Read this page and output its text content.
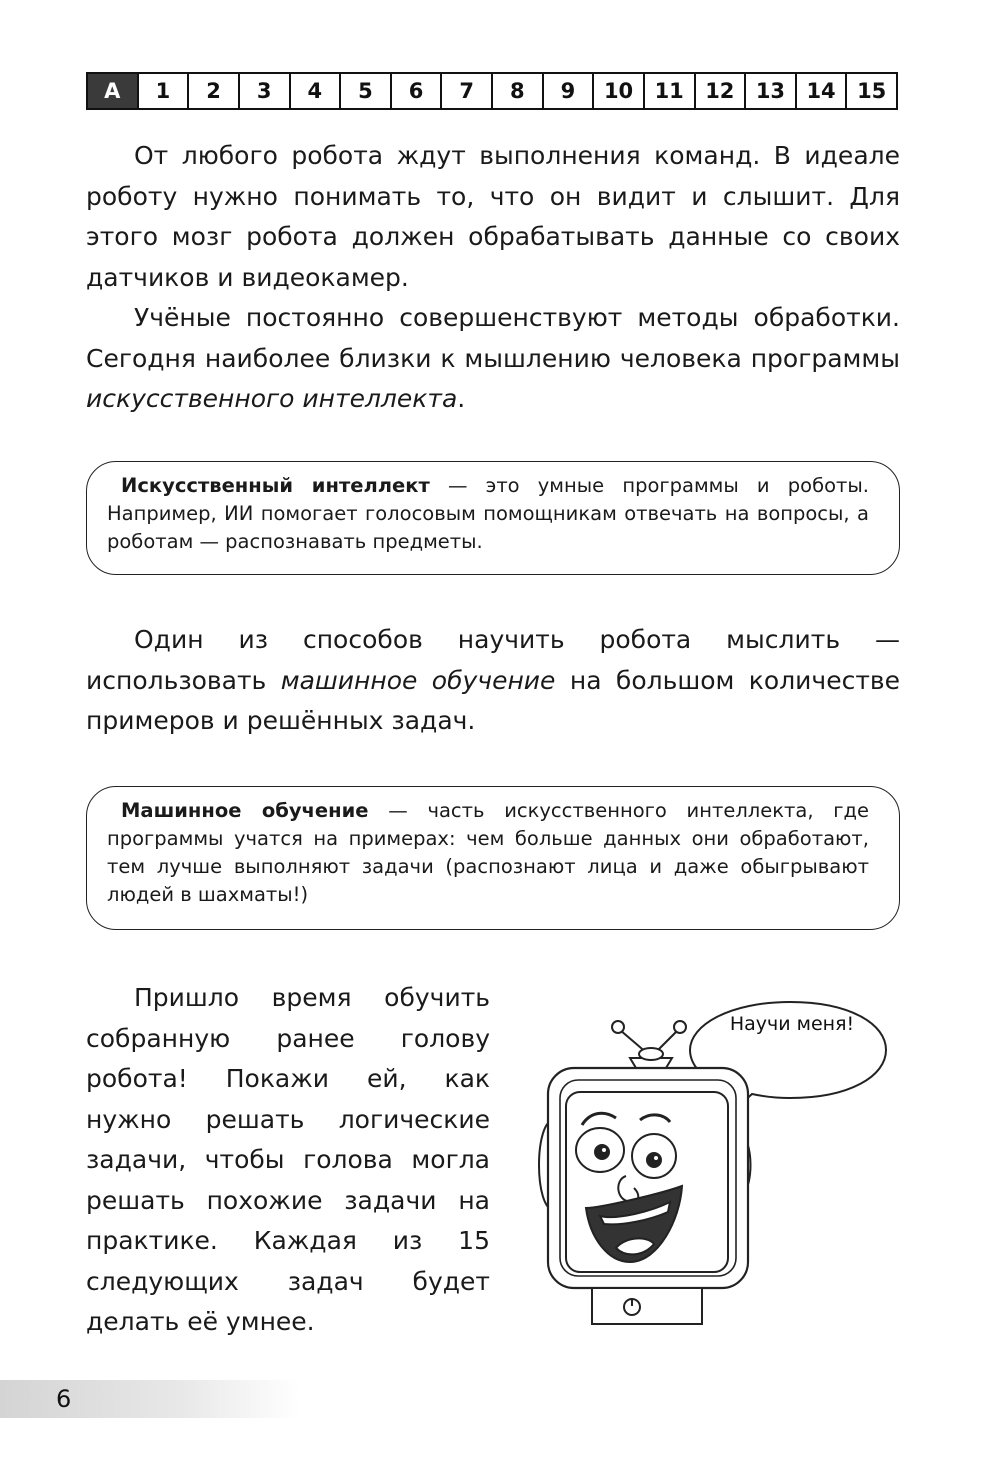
A	1	2	3	4	5	6	7	8	9	10	11	12	13	14	15

От любого робота ждут выполнения команд. В идеале роботу нужно понимать то, что он видит и слышит. Для этого мозг робота должен обрабатывать данные со своих датчиков и видеокамер.

Учёные постоянно совершенствуют методы обработки. Сегодня наиболее близки к мышлению человека программы искусственного интеллекта.

Искусственный интеллект — это умные программы и роботы. Например, ИИ помогает голосовым помощникам отвечать на вопросы, а роботам — распознавать предметы.

Один из способов научить робота мыслить — использовать машинное обучение на большом количестве примеров и решённых задач.

Машинное обучение — часть искусственного интеллекта, где программы учатся на примерах: чем больше данных они обработают, тем лучше выполняют задачи (распознают лица и даже обыгрывают людей в шахматы!)

Пришло время обучить собранную ранее голову робота! Покажи ей, как нужно решать логические задачи, чтобы голова могла решать похожие задачи на практике. Каждая из 15 следующих задач будет делать её умнее.

Научи меня!
6
